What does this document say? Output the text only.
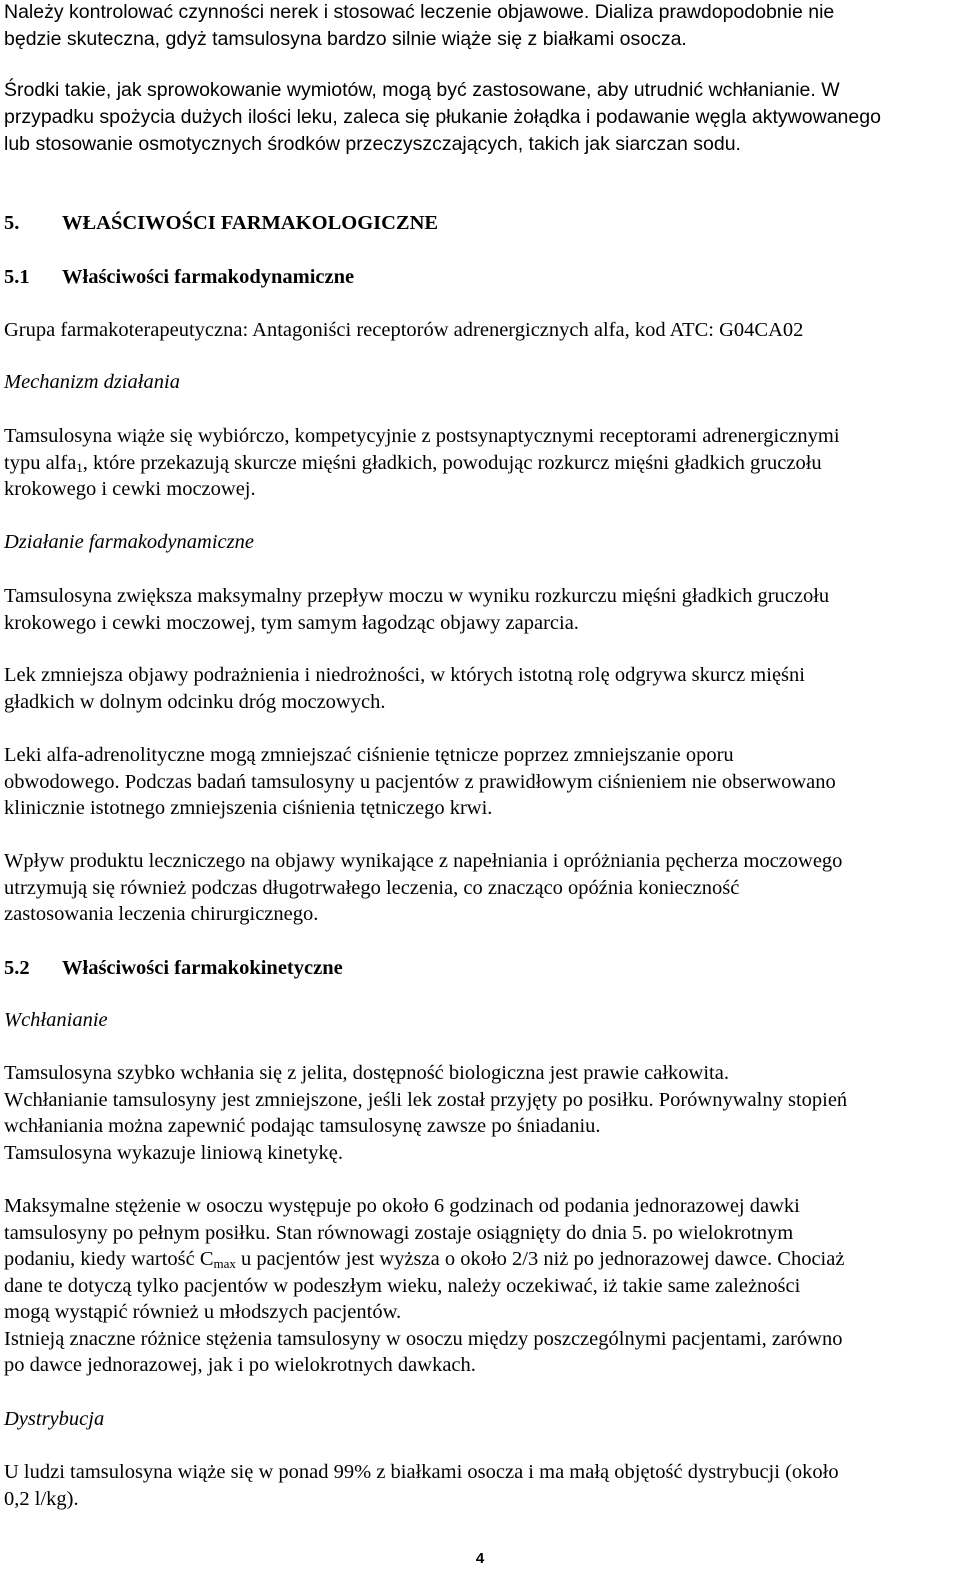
Należy kontrolować czynności nerek i stosować leczenie objawowe. Dializa prawdopodobnie nie
będzie skuteczna, gdyż tamsulosyna bardzo silnie wiąże się z białkami osocza.

Środki takie, jak sprowokowanie wymiotów, mogą być zastosowane, aby utrudnić wchłanianie. W
przypadku spożycia dużych ilości leku, zaleca się płukanie żołądka i podawanie węgla aktywowanego
lub stosowanie osmotycznych środków przeczyszczających, takich jak siarczan sodu.

5. WŁAŚCIWOŚCI FARMAKOLOGICZNE
5.1 Właściwości farmakodynamiczne

Grupa farmakoterapeutyczna: Antagoniści receptorów adrenergicznych alfa, kod ATC: G04CA02

Mechanizm działania

Tamsulosyna wiąże się wybiórczo, kompetycyjnie z postsynaptycznymi receptorami adrenergicznymi
typu alfa$_1$, które przekazują skurcze mięśni gładkich, powodując rozkurcz mięśni gładkich gruczołu
krokowego i cewki moczowej.

Działanie farmakodynamiczne

Tamsulosyna zwiększa maksymalny przepływ moczu w wyniku rozkurczu mięśni gładkich gruczołu
krokowego i cewki moczowej, tym samym łagodząc objawy zaparcia.

Lek zmniejsza objawy podrażnienia i niedrożności, w których istotną rolę odgrywa skurcz mięśni
gładkich w dolnym odcinku dróg moczowych.

Leki alfa-adrenolityczne mogą zmniejszać ciśnienie tętnicze poprzez zmniejszanie oporu
obwodowego. Podczas badań tamsulosyny u pacjentów z prawidłowym ciśnieniem nie obserwowano
klinicznie istotnego zmniejszenia ciśnienia tętniczego krwi.

Wpływ produktu leczniczego na objawy wynikające z napełniania i opróżniania pęcherza moczowego
utrzymują się również podczas długotrwałego leczenia, co znacząco opóźnia konieczność
zastosowania leczenia chirurgicznego.

5.2 Właściwości farmakokinetyczne

Wchłanianie

Tamsulosyna szybko wchłania się z jelita, dostępność biologiczna jest prawie całkowita.
Wchłanianie tamsulosyny jest zmniejszone, jeśli lek został przyjęty po posiłku. Porównywalny stopień
wchłaniania można zapewnić podając tamsulosynę zawsze po śniadaniu.
Tamsulosyna wykazuje liniową kinetykę.

Maksymalne stężenie w osoczu występuje po około 6 godzinach od podania jednorazowej dawki
tamsulosyny po pełnym posiłku. Stan równowagi zostaje osiągnięty do dnia 5. po wielokrotnym
podaniu, kiedy wartość $C_{max}$ u pacjentów jest wyższa o około 2/3 niż po jednorazowej dawce. Chociaż
dane te dotyczą tylko pacjentów w podeszłym wieku, należy oczekiwać, iż takie same zależności
mogą wystąpić również u młodszych pacjentów.
Istnieją znaczne różnice stężenia tamsulosyny w osoczu między poszczególnymi pacjentami, zarówno
po dawce jednorazowej, jak i po wielokrotnych dawkach.

Dystrybucja

U ludzi tamsulosyna wiąże się w ponad 99% z białkami osocza i ma małą objętość dystrybucji (około
0,2 l/kg).

4
